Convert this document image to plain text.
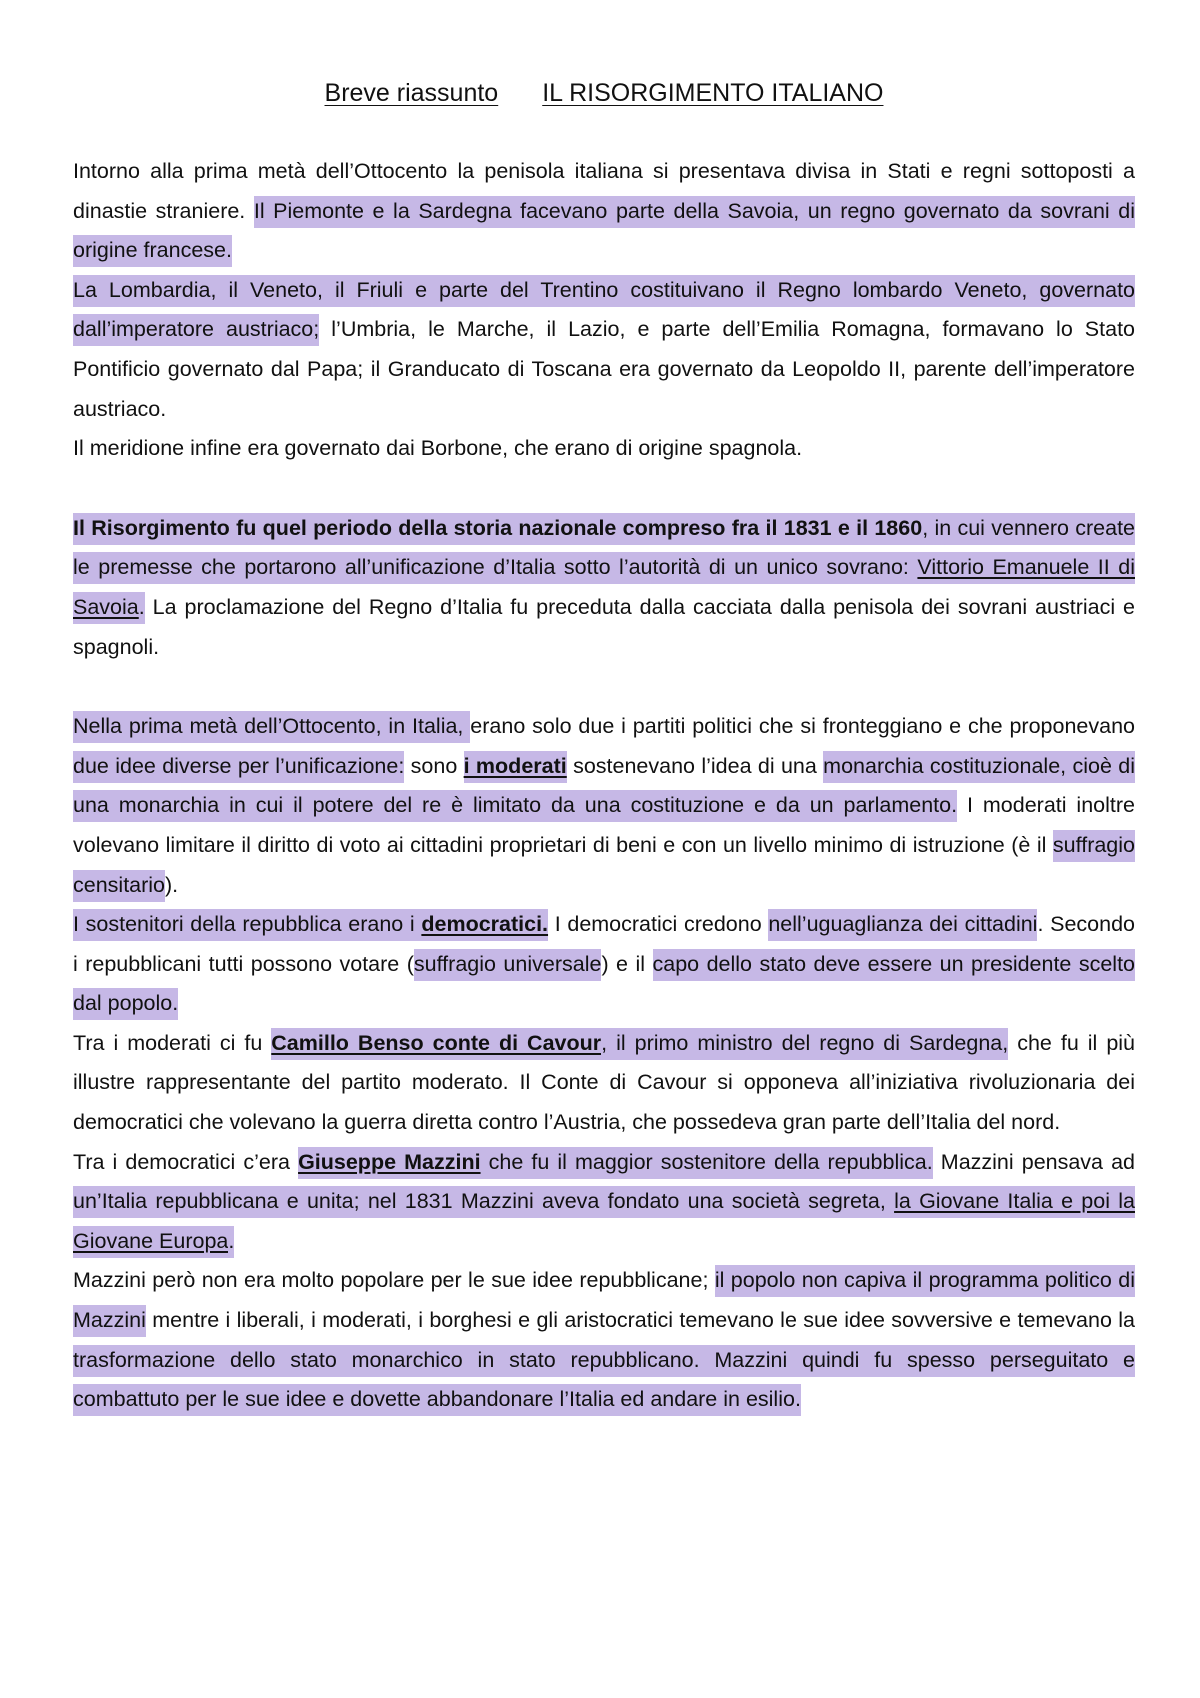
Breve riassunto IL RISORGIMENTO ITALIANO

Intorno alla prima metà dell’Ottocento la penisola italiana si presentava divisa in Stati e regni sottoposti a dinastie straniere. Il Piemonte e la Sardegna facevano parte della Savoia, un regno governato da sovrani di origine francese.

La Lombardia, il Veneto, il Friuli e parte del Trentino costituivano il Regno lombardo Veneto, governato dall’imperatore austriaco; l’Umbria, le Marche, il Lazio, e parte dell’Emilia Romagna, formavano lo Stato Pontificio governato dal Papa; il Granducato di Toscana era governato da Leopoldo II, parente dell’imperatore austriaco.

Il meridione infine era governato dai Borbone, che erano di origine spagnola.

Il Risorgimento fu quel periodo della storia nazionale compreso fra il 1831 e il 1860, in cui vennero create le premesse che portarono all’unificazione d’Italia sotto l’autorità di un unico sovrano: Vittorio Emanuele II di Savoia. La proclamazione del Regno d’Italia fu preceduta dalla cacciata dalla penisola dei sovrani austriaci e spagnoli.

Nella prima metà dell’Ottocento, in Italia, erano solo due i partiti politici che si fronteggiano e che proponevano due idee diverse per l’unificazione: sono i moderati sostenevano l’idea di una monarchia costituzionale, cioè di una monarchia in cui il potere del re è limitato da una costituzione e da un parlamento. I moderati inoltre volevano limitare il diritto di voto ai cittadini proprietari di beni e con un livello minimo di istruzione (è il suffragio censitario).

I sostenitori della repubblica erano i democratici. I democratici credono nell’uguaglianza dei cittadini. Secondo i repubblicani tutti possono votare (suffragio universale) e il capo dello stato deve essere un presidente scelto dal popolo.

Tra i moderati ci fu Camillo Benso conte di Cavour, il primo ministro del regno di Sardegna, che fu il più illustre rappresentante del partito moderato. Il Conte di Cavour si opponeva all’iniziativa rivoluzionaria dei democratici che volevano la guerra diretta contro l’Austria, che possedeva gran parte dell’Italia del nord.

Tra i democratici c’era Giuseppe Mazzini che fu il maggior sostenitore della repubblica. Mazzini pensava ad un’Italia repubblicana e unita; nel 1831 Mazzini aveva fondato una società segreta, la Giovane Italia e poi la Giovane Europa.

Mazzini però non era molto popolare per le sue idee repubblicane; il popolo non capiva il programma politico di Mazzini mentre i liberali, i moderati, i borghesi e gli aristocratici temevano le sue idee sovversive e temevano la trasformazione dello stato monarchico in stato repubblicano. Mazzini quindi fu spesso perseguitato e combattuto per le sue idee e dovette abbandonare l’Italia ed andare in esilio.
